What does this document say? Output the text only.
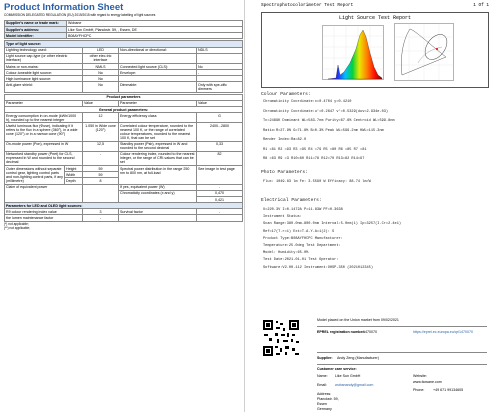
Product Information Sheet
COMMISSION DELEGATED REGULATION (EU) 2019/2015 with regard to energy labelling of light sources
Supplier's name or trade mark:	Wobane
Supplier's address:	Like Sun GmbH, Planckstr. 59, , Essen, DE
Model identifier:	B08AYFHCPC
Type of light source:			
Lighting technology used:	LED	Non-directional or directional:	NDLS
Light source cap-type (or other electric interface)	other elec-tric interface		
Mains or non-mains:	NMLS	Connected light source (CLS):	No
Colour-tuneable light source:	No	Envelope:	-
High luminance light source:	No		
Anti-glare shield:	No	Dimmable:	Only with spe-cific dimmers
Product parameters				
Parameter		Value	Parameter	Value
General product parameters:				
Energy consumption in on-mode (kWh/1000 h), rounded up to the nearest integer		12	Energy efficiency class	G
Useful luminous flux (Φuse), indicating if it refers to the flux in a sphere (360°), in a wide cone (120°) or in a narrow cone (90°)		1.050 in Wide cone (120°)	Correlated colour temperature, rounded to the nearest 100 K, or the range of correlated colour temperatures, rounded to the nearest 100 K, that can be set	2400...2800
On-mode power (Pon), expressed in W		12,5	Standby power (Psb), expressed in W and rounded to the second decimal	0,33
Networked standby power (Pnet) for CLS, expressed in W and rounded to the second decimal		-	Colour rendering index, rounded to the nearest integer, or the range of CRI-values that can be set	82
Outer dimensions without separate control gear, lighting control parts and non-lighting control parts, if any (millimetre)	Height	59	Spectral power distribution in the range 250 nm to 800 nm, at full-load	See image in test page
	Width	59		
	Depth	8		
Claim of equivalent power			If yes, equivalent power (W)	-
			Chromaticity coordinates (x and y)	0,470
				0,421
Parameters for LED and OLED light sources:				
R9 colour rendering index value		3	Survival factor	-
the lumen maintenance factor		-		
(*) not applicable;
(**) not applicable;
Spectrophotocolorimeter Test Report	1 Of 1
Light Source Test Report
Colour Parameters:
Chromaticity Coordinate:x=0.4704 y=0.4210
Chromaticity Coordinate:u'=0.2647 v'=0.5329(duv=2.934e-03)
Tc=2489K Dominant WL=583.7nm Purity=67.6% Centroid WL=599.8nm
Ratio:R=27.9% G=71.8% B=0.3% Peak WL=599.2nm HWL=115.3nm
Render Index:Ra=82.0
R1 =81 R2 =93 R3 =95 R4 =79 R5 =80 R6 =85 R7 =81
R8 =63 R9 =3 R10=80 R11=78 R12=70 R13=82 R14=97
Photo Parameters:
Flux: 1049.83 lm Fe: 3.5590 W Efficacy: 88.74 lm/W
Electrical Parameters:
U=220.3V I=0.1472A P=11.83W PF=0.3638
Instrument Status:
Scan Range:380.0nm-800.0nm Interval:5.0nm(1) Ip=3257(I.Cr=2.4e1)
Ref=17(T.r=1) Ext=T.A.Y.A=1(2): S
Product Type:B08AYFHCPC Manufacturer:
Temperature:25.0deg Test Department:
Model: Humidity:65.0%
Test Date:2021-01-01 Test Operator:
Software:V2.00.112 Instrument:OHSP-350 (2021012345)
Model placed on the Union market from 09/02/2021
EPREL registration number:
1470070	https://eprel.ec.europa.eu/qr/1470070
Supplier: Andy Zeng (Manufacturer)
Customer care service:
Name: Like Sun GmbH	Website:
www.tiowane.com
Email: wobanandy@gmail.com
Phone: +49 671 99134605
Address:
Planckstr. 59,
Essen
Germany
